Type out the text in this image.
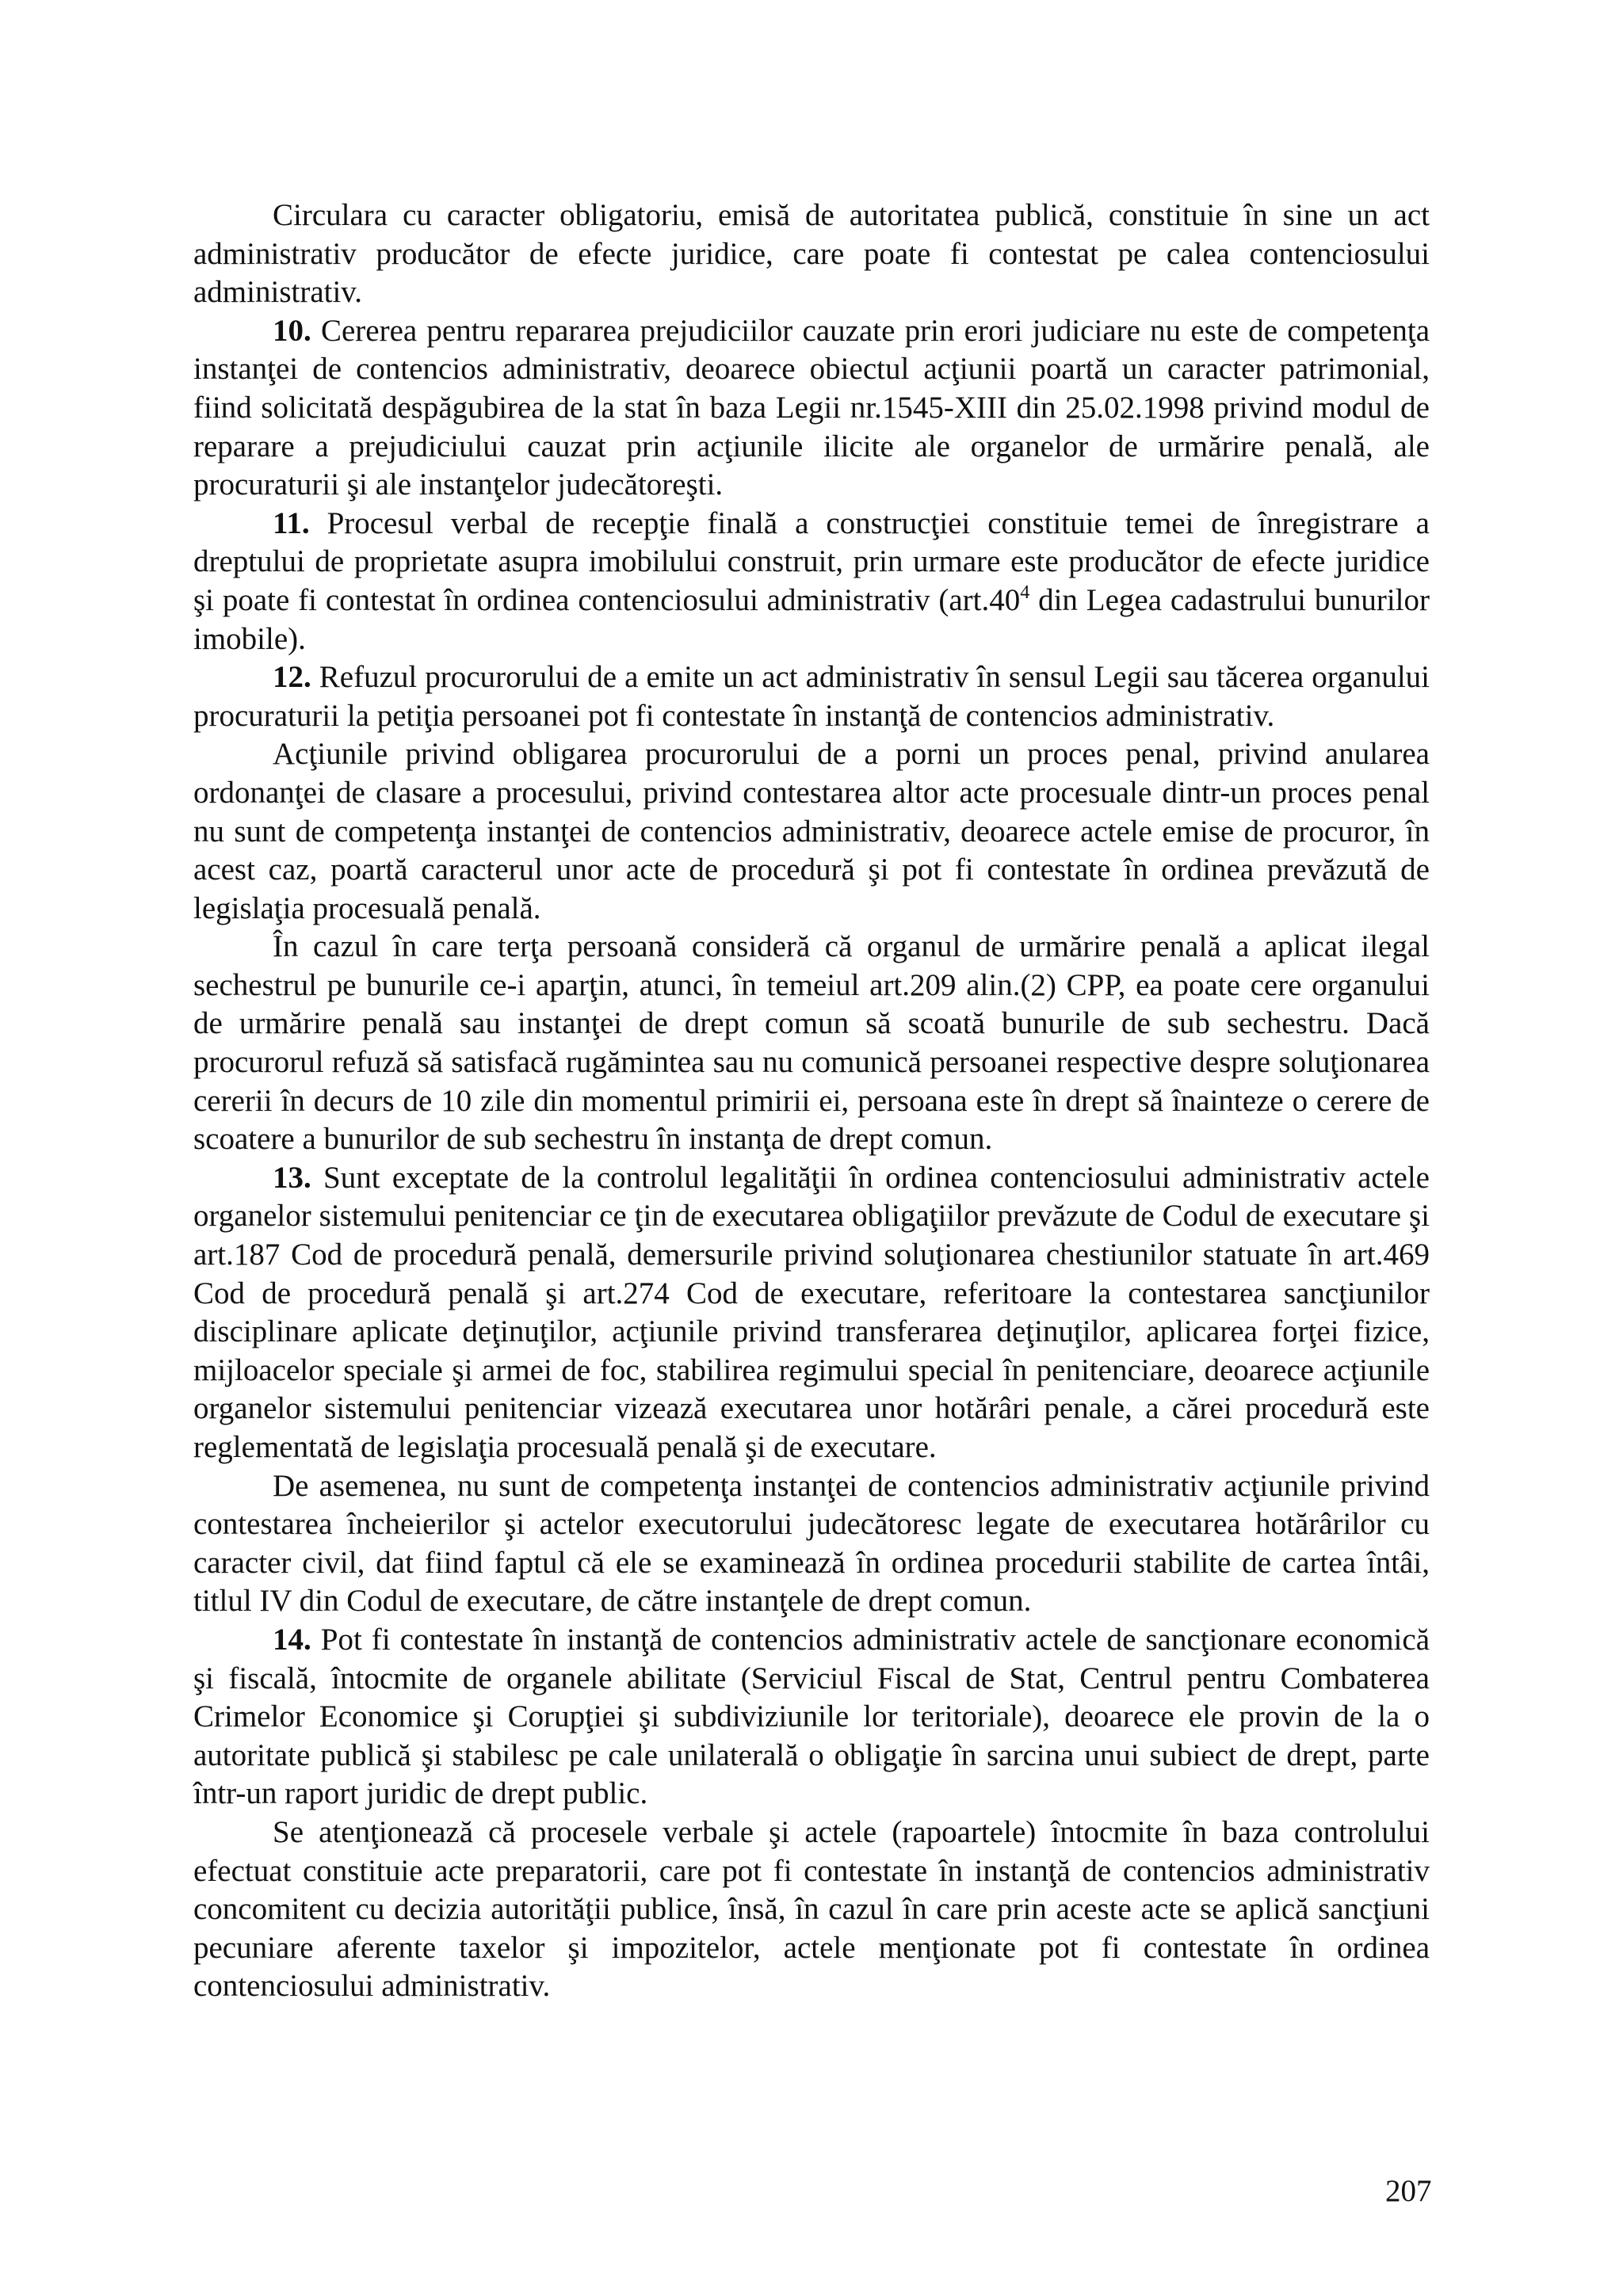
Circulara cu caracter obligatoriu, emisă de autoritatea publică, constituie în sine un act administrativ producător de efecte juridice, care poate fi contestat pe calea contenciosului administrativ.

10. Cererea pentru repararea prejudiciilor cauzate prin erori judiciare nu este de competenţa instanţei de contencios administrativ, deoarece obiectul acţiunii poartă un caracter patrimonial, fiind solicitată despăgubirea de la stat în baza Legii nr.1545-XIII din 25.02.1998 privind modul de reparare a prejudiciului cauzat prin acţiunile ilicite ale organelor de urmărire penală, ale procuraturii şi ale instanţelor judecătoreşti.

11. Procesul verbal de recepţie finală a construcţiei constituie temei de înregistrare a dreptului de proprietate asupra imobilului construit, prin urmare este producător de efecte juridice şi poate fi contestat în ordinea contenciosului administrativ ($art.40^4$ din Legea cadastrului bunurilor imobile).

12. Refuzul procurorului de a emite un act administrativ în sensul Legii sau tăcerea organului procuraturii la petiţia persoanei pot fi contestate în instanţă de contencios administrativ.

Acţiunile privind obligarea procurorului de a porni un proces penal, privind anularea ordonanţei de clasare a procesului, privind contestarea altor acte procesuale dintr-un proces penal nu sunt de competenţa instanţei de contencios administrativ, deoarece actele emise de procuror, în acest caz, poartă caracterul unor acte de procedură şi pot fi contestate în ordinea prevăzută de legislaţia procesuală penală.

În cazul în care terţa persoană consideră că organul de urmărire penală a aplicat ilegal sechestrul pe bunurile ce-i aparţin, atunci, în temeiul art.209 alin.(2) CPP, ea poate cere organului de urmărire penală sau instanţei de drept comun să scoată bunurile de sub sechestru. Dacă procurorul refuză să satisfacă rugămintea sau nu comunică persoanei respective despre soluţionarea cererii în decurs de 10 zile din momentul primirii ei, persoana este în drept să înainteze o cerere de scoatere a bunurilor de sub sechestru în instanţa de drept comun.

13. Sunt exceptate de la controlul legalităţii în ordinea contenciosului administrativ actele organelor sistemului penitenciar ce ţin de executarea obligaţiilor prevăzute de Codul de executare şi art.187 Cod de procedură penală, demersurile privind soluţionarea chestiunilor statuate în art.469 Cod de procedură penală şi art.274 Cod de executare, referitoare la contestarea sancţiunilor disciplinare aplicate deţinuţilor, acţiunile privind transferarea deţinuţilor, aplicarea forţei fizice, mijloacelor speciale şi armei de foc, stabilirea regimului special în penitenciare, deoarece acţiunile organelor sistemului penitenciar vizează executarea unor hotărâri penale, a cărei procedură este reglementată de legislaţia procesuală penală şi de executare.

De asemenea, nu sunt de competenţa instanţei de contencios administrativ acţiunile privind contestarea încheierilor şi actelor executorului judecătoresc legate de executarea hotărârilor cu caracter civil, dat fiind faptul că ele se examinează în ordinea procedurii stabilite de cartea întâi, titlul IV din Codul de executare, de către instanţele de drept comun.

14. Pot fi contestate în instanţă de contencios administrativ actele de sancţionare economică şi fiscală, întocmite de organele abilitate (Serviciul Fiscal de Stat, Centrul pentru Combaterea Crimelor Economice şi Corupţiei şi subdiviziunile lor teritoriale), deoarece ele provin de la o autoritate publică şi stabilesc pe cale unilaterală o obligaţie în sarcina unui subiect de drept, parte într-un raport juridic de drept public.

Se atenţionează că procesele verbale şi actele (rapoartele) întocmite în baza controlului efectuat constituie acte preparatorii, care pot fi contestate în instanţă de contencios administrativ concomitent cu decizia autorităţii publice, însă, în cazul în care prin aceste acte se aplică sancţiuni pecuniare aferente taxelor şi impozitelor, actele menţionate pot fi contestate în ordinea contenciosului administrativ.

207
